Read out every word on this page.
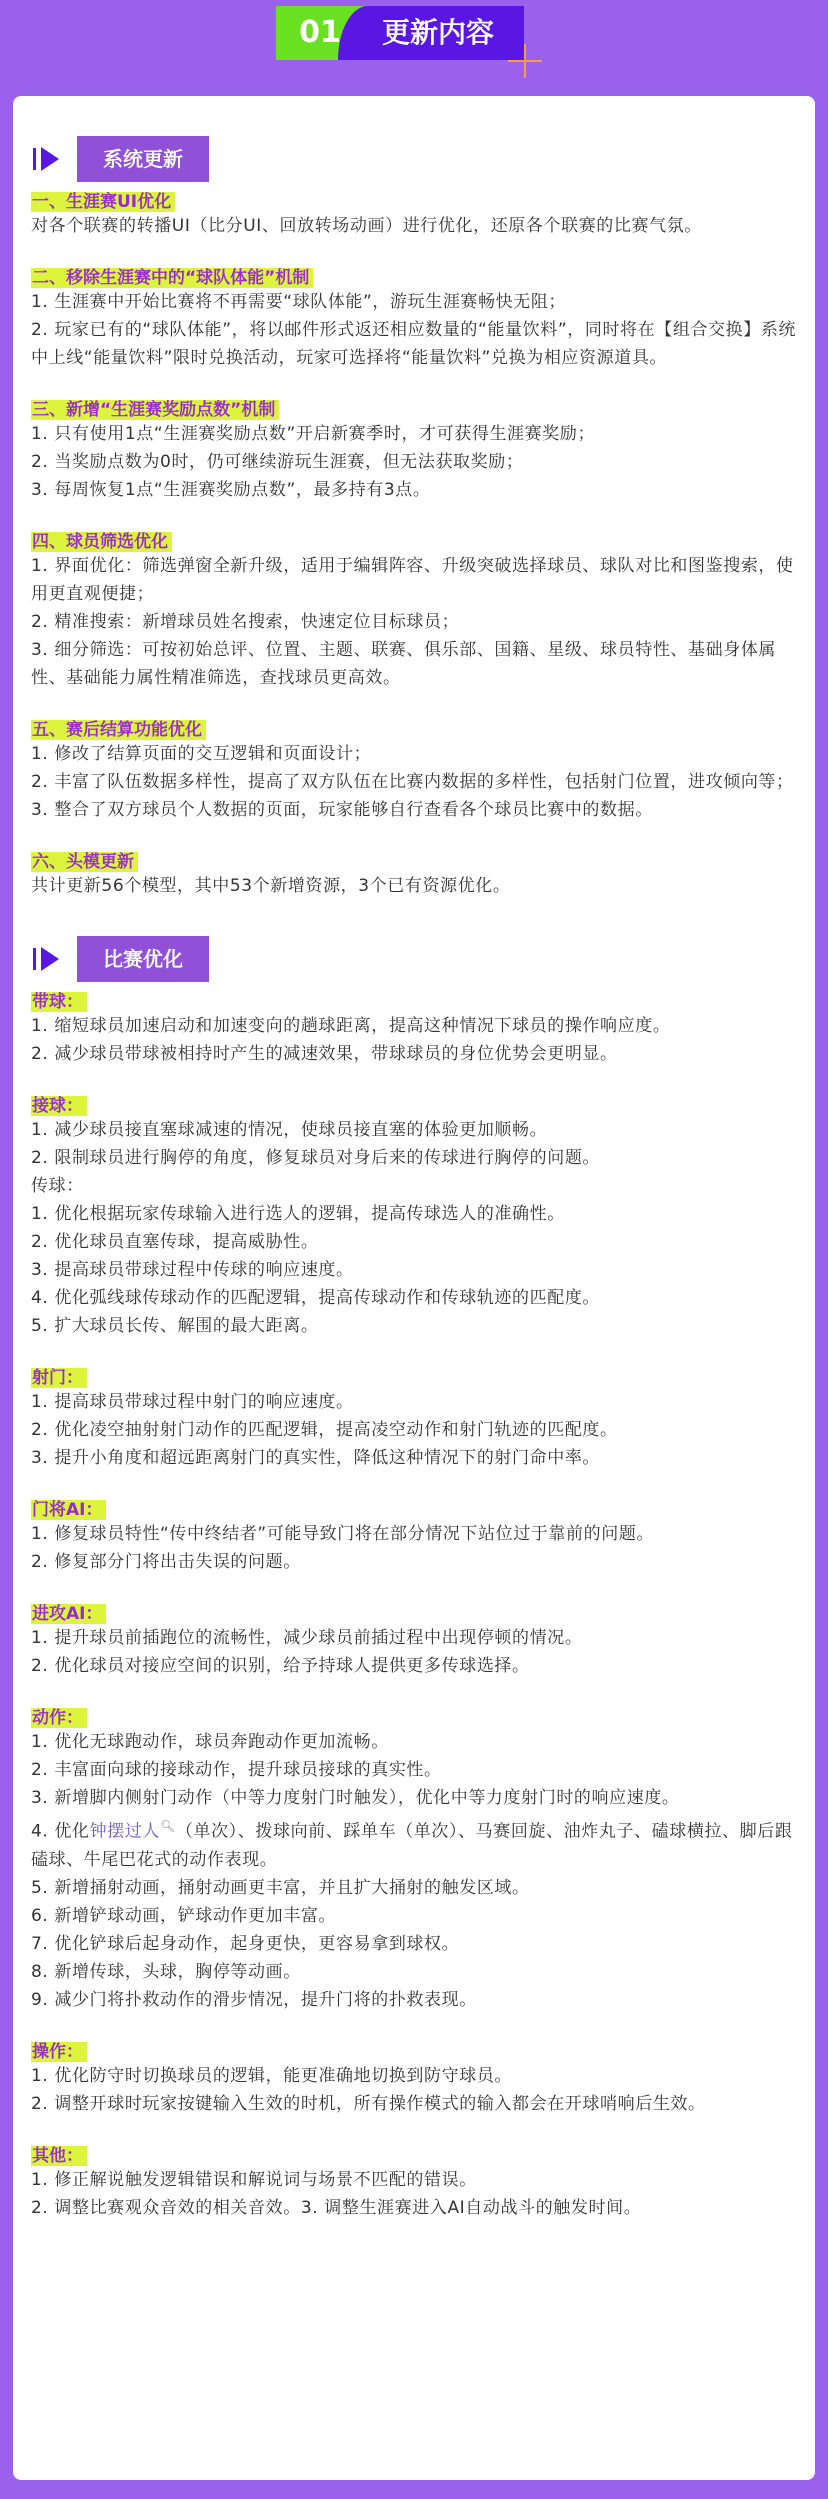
01	更新内容
系统更新
一、生涯赛UI优化
对各个联赛的转播UI（比分UI、回放转场动画）进行优化，还原各个联赛的比赛气氛。
二、移除生涯赛中的“球队体能”机制
1. 生涯赛中开始比赛将不再需要“球队体能”，游玩生涯赛畅快无阻；
2. 玩家已有的“球队体能”，将以邮件形式返还相应数量的“能量饮料”，同时将在【组合交换】系统中上线“能量饮料”限时兑换活动，玩家可选择将“能量饮料”兑换为相应资源道具。
三、新增“生涯赛奖励点数”机制
1. 只有使用1点“生涯赛奖励点数”开启新赛季时，才可获得生涯赛奖励；
2. 当奖励点数为0时，仍可继续游玩生涯赛，但无法获取奖励；
3. 每周恢复1点“生涯赛奖励点数”，最多持有3点。
四、球员筛选优化
1. 界面优化：筛选弹窗全新升级，适用于编辑阵容、升级突破选择球员、球队对比和图鉴搜索，使用更直观便捷；
2. 精准搜索：新增球员姓名搜索，快速定位目标球员；
3. 细分筛选：可按初始总评、位置、主题、联赛、俱乐部、国籍、星级、球员特性、基础身体属性、基础能力属性精准筛选，查找球员更高效。
五、赛后结算功能优化
1. 修改了结算页面的交互逻辑和页面设计；
2. 丰富了队伍数据多样性，提高了双方队伍在比赛内数据的多样性，包括射门位置，进攻倾向等；
3. 整合了双方球员个人数据的页面，玩家能够自行查看各个球员比赛中的数据。
六、头模更新
共计更新56个模型，其中53个新增资源，3个已有资源优化。
比赛优化
带球：
1. 缩短球员加速启动和加速变向的趟球距离，提高这种情况下球员的操作响应度。
2. 减少球员带球被相持时产生的减速效果，带球球员的身位优势会更明显。
接球：
1. 减少球员接直塞球减速的情况，使球员接直塞的体验更加顺畅。
2. 限制球员进行胸停的角度，修复球员对身后来的传球进行胸停的问题。
传球：
1. 优化根据玩家传球输入进行选人的逻辑，提高传球选人的准确性。
2. 优化球员直塞传球，提高威胁性。
3. 提高球员带球过程中传球的响应速度。
4. 优化弧线球传球动作的匹配逻辑，提高传球动作和传球轨迹的匹配度。
5. 扩大球员长传、解围的最大距离。
射门：
1. 提高球员带球过程中射门的响应速度。
2. 优化凌空抽射射门动作的匹配逻辑，提高凌空动作和射门轨迹的匹配度。
3. 提升小角度和超远距离射门的真实性，降低这种情况下的射门命中率。
门将AI：
1. 修复球员特性“传中终结者”可能导致门将在部分情况下站位过于靠前的问题。
2. 修复部分门将出击失误的问题。
进攻AI：
1. 提升球员前插跑位的流畅性，减少球员前插过程中出现停顿的情况。
2. 优化球员对接应空间的识别，给予持球人提供更多传球选择。
动作：
1. 优化无球跑动作，球员奔跑动作更加流畅。
2. 丰富面向球的接球动作，提升球员接球的真实性。
3. 新增脚内侧射门动作（中等力度射门时触发），优化中等力度射门时的响应速度。
4. 优化钟摆过人🔍︎（单次）、拨球向前、踩单车（单次）、马赛回旋、油炸丸子、磕球横拉、脚后跟磕球、牛尾巴花式的动作表现。
5. 新增捅射动画，捅射动画更丰富，并且扩大捅射的触发区域。
6. 新增铲球动画，铲球动作更加丰富。
7. 优化铲球后起身动作，起身更快，更容易拿到球权。
8. 新增传球，头球，胸停等动画。
9. 减少门将扑救动作的滑步情况，提升门将的扑救表现。
操作：
1. 优化防守时切换球员的逻辑，能更准确地切换到防守球员。
2. 调整开球时玩家按键输入生效的时机，所有操作模式的输入都会在开球哨响后生效。
其他：
1. 修正解说触发逻辑错误和解说词与场景不匹配的错误。
2. 调整比赛观众音效的相关音效。3. 调整生涯赛进入AI自动战斗的触发时间。
